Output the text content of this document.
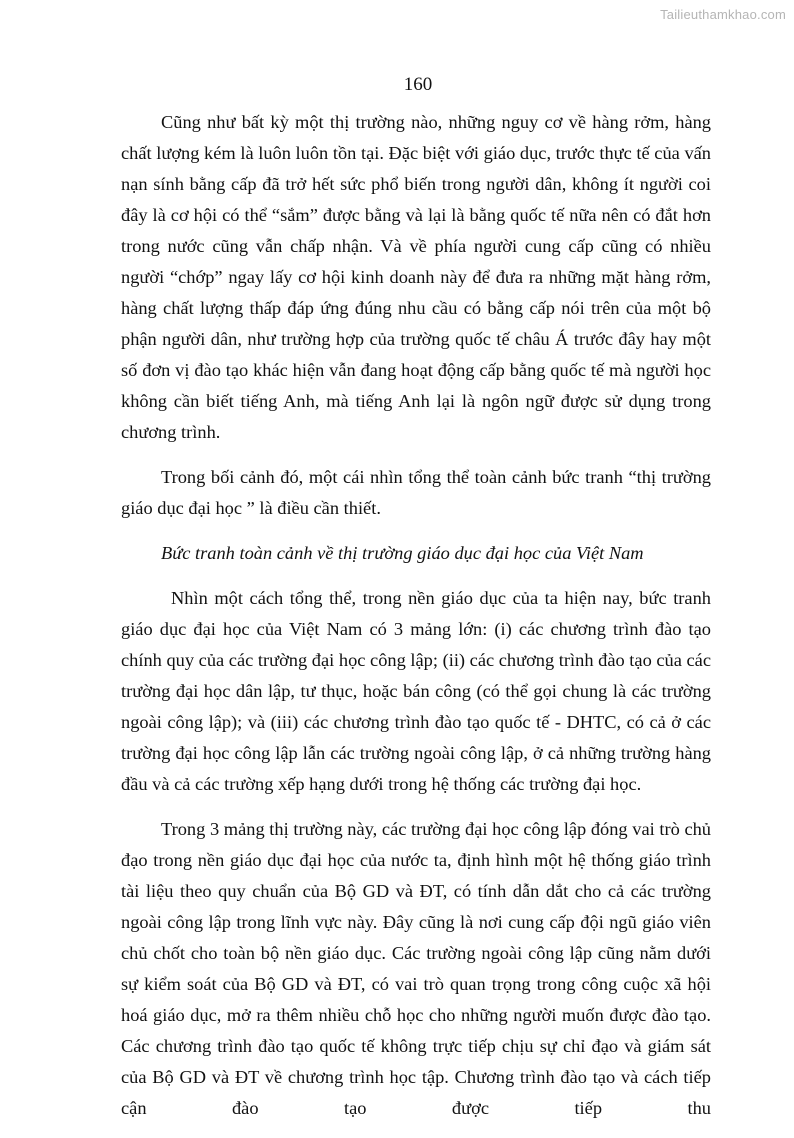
Tailieuthamkhao.com
160

Cũng như bất kỳ một thị trường nào, những nguy cơ về hàng rởm, hàng chất lượng kém là luôn luôn tồn tại. Đặc biệt với giáo dục, trước thực tế của vấn nạn sính bằng cấp đã trở hết sức phổ biến trong người dân, không ít người coi đây là cơ hội có thể “sắm” được bằng và lại là bằng quốc tế nữa nên có đắt hơn trong nước cũng vẫn chấp nhận. Và về phía người cung cấp cũng có nhiều người “chớp” ngay lấy cơ hội kinh doanh này để đưa ra những mặt hàng rởm, hàng chất lượng thấp đáp ứng đúng nhu cầu có bằng cấp nói trên của một bộ phận người dân, như trường hợp của trường quốc tế châu Á trước đây hay một số đơn vị đào tạo khác hiện vẫn đang hoạt động cấp bằng quốc tế mà người học không cần biết tiếng Anh, mà tiếng Anh lại là ngôn ngữ được sử dụng trong chương trình.

Trong bối cảnh đó, một cái nhìn tổng thể toàn cảnh bức tranh “thị trường giáo dục đại học ” là điều cần thiết.

Bức tranh toàn cảnh về thị trường giáo dục đại học của Việt Nam

Nhìn một cách tổng thể, trong nền giáo dục của ta hiện nay, bức tranh giáo dục đại học của Việt Nam có 3 mảng lớn: (i) các chương trình đào tạo chính quy của các trường đại học công lập; (ii) các chương trình đào tạo của các trường đại học dân lập, tư thục, hoặc bán công (có thể gọi chung là các trường ngoài công lập); và (iii) các chương trình đào tạo quốc tế - DHTC, có cả ở các trường đại học công lập lẫn các trường ngoài công lập, ở cả những trường hàng đầu và cả các trường xếp hạng dưới trong hệ thống các trường đại học.

Trong 3 mảng thị trường này, các trường đại học công lập đóng vai trò chủ đạo trong nền giáo dục đại học của nước ta, định hình một hệ thống giáo trình tài liệu theo quy chuẩn của Bộ GD và ĐT, có tính dẫn dắt cho cả các trường ngoài công lập trong lĩnh vực này. Đây cũng là nơi cung cấp đội ngũ giáo viên chủ chốt cho toàn bộ nền giáo dục. Các trường ngoài công lập cũng nằm dưới sự kiểm soát của Bộ GD và ĐT, có vai trò quan trọng trong công cuộc xã hội hoá giáo dục, mở ra thêm nhiều chỗ học cho những người muốn được đào tạo. Các chương trình đào tạo quốc tế không trực tiếp chịu sự chỉ đạo và giám sát của Bộ GD và ĐT về chương trình học tập. Chương trình đào tạo và cách tiếp cận đào tạo được tiếp thu
